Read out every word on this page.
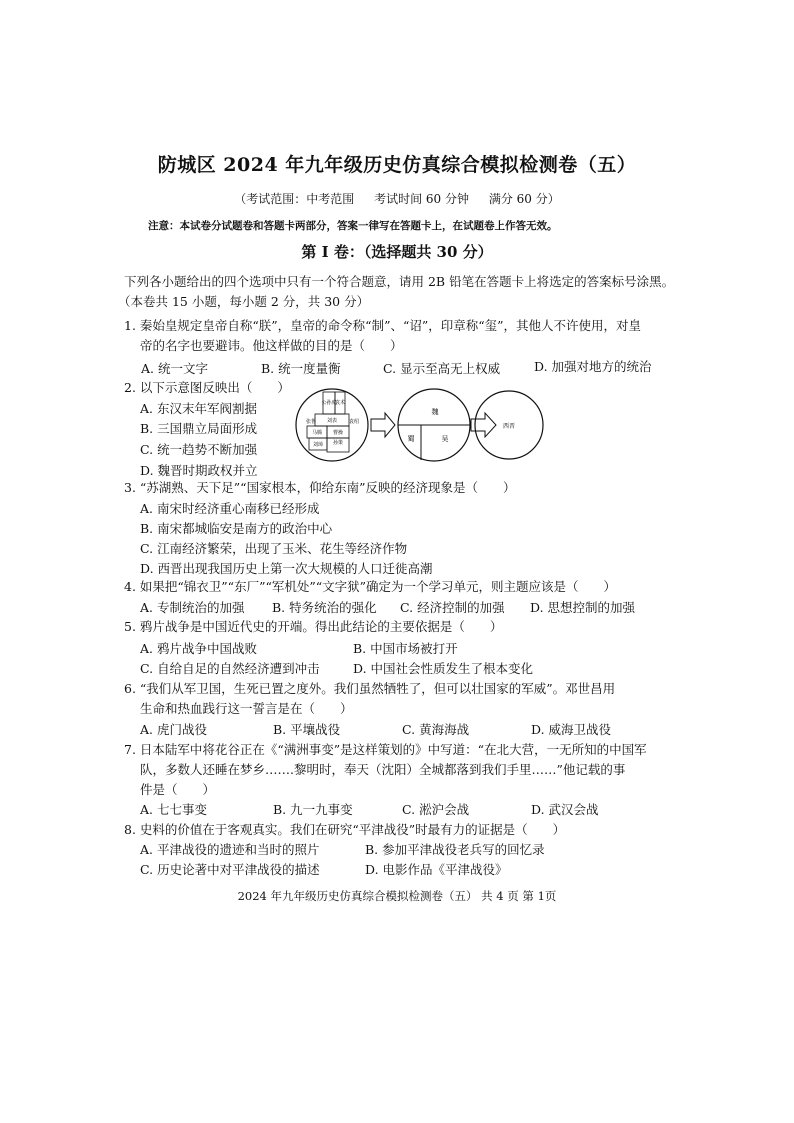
防城区 2024 年九年级历史仿真综合模拟检测卷（五）
（考试范围：中考范围 考试时间 60 分钟 满分 60 分）
注意：本试卷分试题卷和答题卡两部分，答案一律写在答题卡上，在试题卷上作答无效。
第 I 卷：（选择题共 30 分）
下列各小题给出的四个选项中只有一个符合题意，请用 2B 铅笔在答题卡上将选定的答案标号涂黑。
（本卷共 15 小题，每小题 2 分，共 30 分）
1. 秦始皇规定皇帝自称“朕”，皇帝的命令称“制”、“诏”，印章称“玺”，其他人不许使用，对皇
帝的名字也要避讳。他这样做的目的是（　　）
A. 统一文字	B. 统一度量衡	C. 显示至高无上权威	D. 加强对地方的统治
2. 以下示意图反映出（　　）
A. 东汉末年军阀割据
B. 三国鼎立局面形成
C. 统一趋势不断加强
D. 魏晋时期政权并立
公孙度
袁术
刘表
曹操
马腾
刘璋 孙策
张鲁	袁绍
魏
蜀	吴
西晋
3. “苏湖熟、天下足”“国家根本，仰给东南”反映的经济现象是（　　）
A. 南宋时经济重心南移已经形成
B. 南宋都城临安是南方的政治中心
C. 江南经济繁荣，出现了玉米、花生等经济作物
D. 西晋出现我国历史上第一次大规模的人口迁徙高潮
4. 如果把“锦衣卫”“东厂”“军机处”“文字狱”确定为一个学习单元，则主题应该是（　　）
A. 专制统治的加强 B. 特务统治的强化 C. 经济控制的加强 D. 思想控制的加强
5. 鸦片战争是中国近代史的开端。得出此结论的主要依据是（　　）
A. 鸦片战争中国战败	B. 中国市场被打开
C. 自给自足的自然经济遭到冲击	D. 中国社会性质发生了根本变化
6. “我们从军卫国，生死已置之度外。我们虽然牺牲了，但可以壮国家的军威”。邓世昌用
生命和热血践行这一誓言是在（　　）
A. 虎门战役	B. 平壤战役	C. 黄海海战	D. 威海卫战役
7. 日本陆军中将花谷正在《“满洲事变”是这样策划的》中写道：“在北大营，一无所知的中国军
队，多数人还睡在梦乡…….黎明时，奉天（沈阳）全城都落到我们手里……”他记载的事
件是（　　）
A. 七七事变	B. 九一九事变	C. 淞沪会战	D. 武汉会战
8. 史料的价值在于客观真实。我们在研究“平津战役”时最有力的证据是（　　）
A. 平津战役的遗迹和当时的照片	B. 参加平津战役老兵写的回忆录
C. 历史论著中对平津战役的描述	D. 电影作品《平津战役》
2024 年九年级历史仿真综合模拟检测卷（五） 共 4 页 第 1页
